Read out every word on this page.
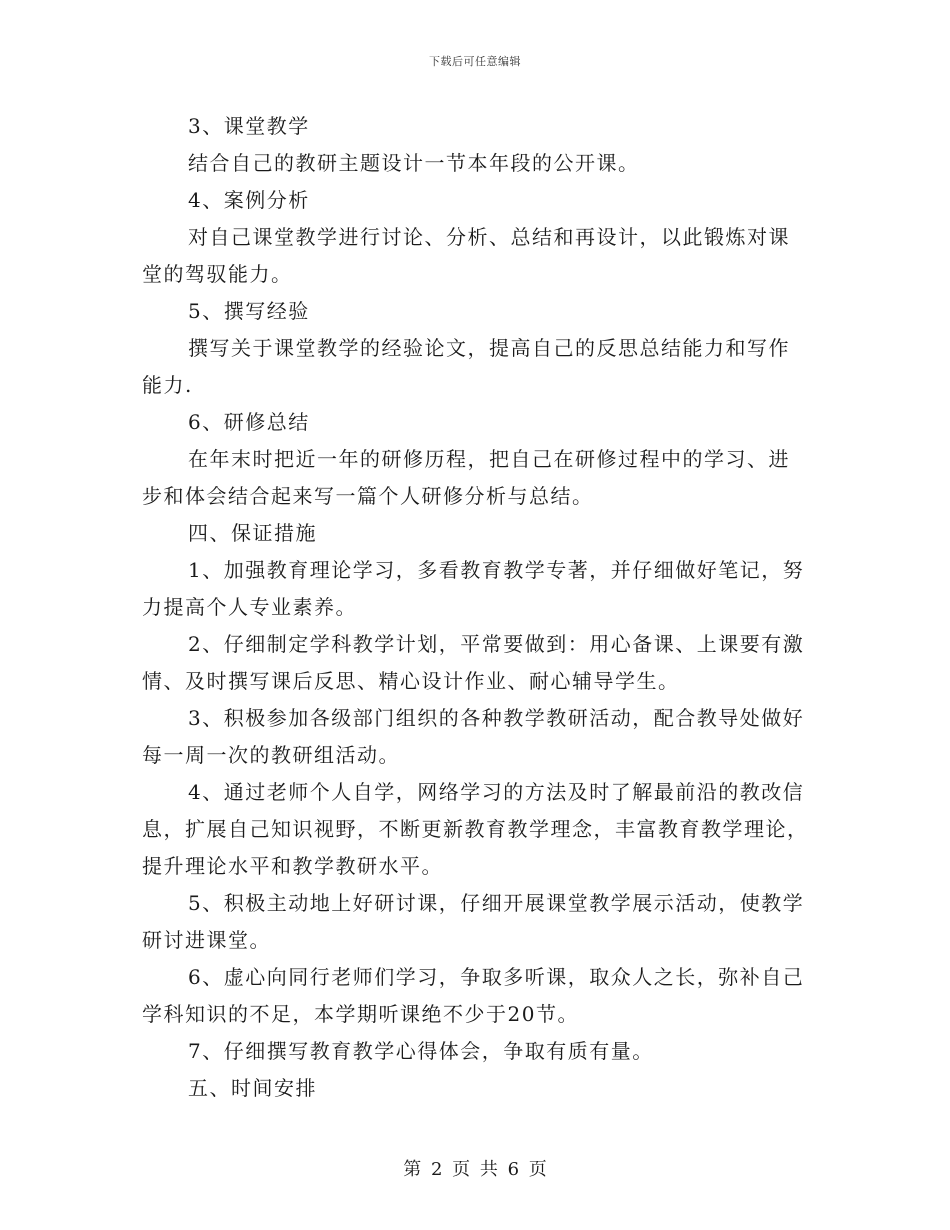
下载后可任意编辑
3、课堂教学
结合自己的教研主题设计一节本年段的公开课。
4、案例分析
对自己课堂教学进行讨论、分析、总结和再设计，以此锻炼对课
堂的驾驭能力。
5、撰写经验
撰写关于课堂教学的经验论文，提高自己的反思总结能力和写作
能力.
6、研修总结
在年末时把近一年的研修历程，把自己在研修过程中的学习、进
步和体会结合起来写一篇个人研修分析与总结。
四、保证措施
1、加强教育理论学习，多看教育教学专著，并仔细做好笔记，努
力提高个人专业素养。
2、仔细制定学科教学计划，平常要做到：用心备课、上课要有激
情、及时撰写课后反思、精心设计作业、耐心辅导学生。
3、积极参加各级部门组织的各种教学教研活动，配合教导处做好
每一周一次的教研组活动。
4、通过老师个人自学，网络学习的方法及时了解最前沿的教改信
息，扩展自己知识视野，不断更新教育教学理念，丰富教育教学理论，
提升理论水平和教学教研水平。
5、积极主动地上好研讨课，仔细开展课堂教学展示活动，使教学
研讨进课堂。
6、虚心向同行老师们学习，争取多听课，取众人之长，弥补自己
学科知识的不足，本学期听课绝不少于20节。
7、仔细撰写教育教学心得体会，争取有质有量。
五、时间安排
第 2 页 共 6 页
